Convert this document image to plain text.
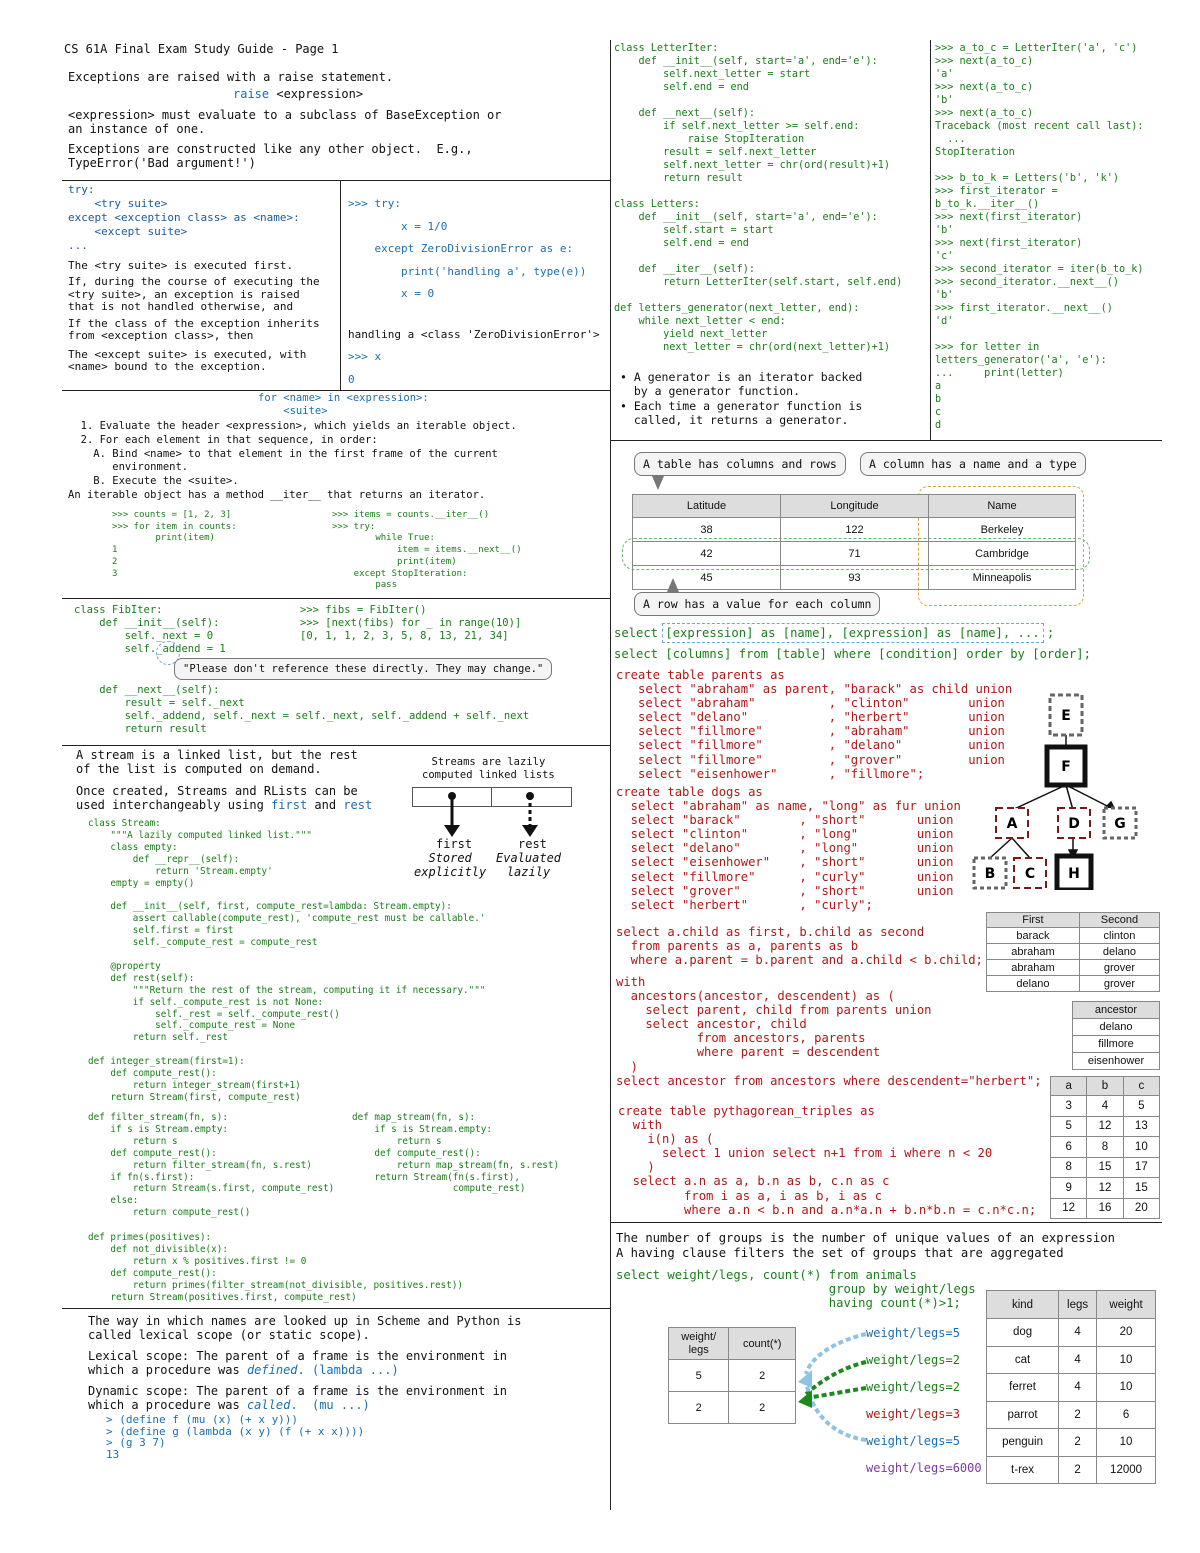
CS 61A Final Exam Study Guide - Page 1
Exceptions are raised with a raise statement.
raise <expression>
<expression> must evaluate to a subclass of BaseException or
an instance of one.
Exceptions are constructed like any other object.  E.g.,
TypeError('Bad argument!')
try:
<try suite>
except <exception class> as <name>:
<except suite>
...
The <try suite> is executed first.
If, during the course of executing the
<try suite>, an exception is raised
that is not handled otherwise, and
If the class of the exception inherits
from <exception class>, then
The <except suite> is executed, with
<name> bound to the exception.
>>> try:
x = 1/0
except ZeroDivisionError as e:
print('handling a', type(e))
x = 0
handling a <class 'ZeroDivisionError'>
>>> x
0
for <name> in <expression>:
<suite>
1. Evaluate the header <expression>, which yields an iterable object.
2. For each element in that sequence, in order:
A. Bind <name> to that element in the first frame of the current
environment.
B. Execute the <suite>.
An iterable object has a method __iter__ that returns an iterator.
>>> counts = [1, 2, 3]
>>> for item in counts:
print(item)
1
2
3
>>> items = counts.__iter__()
>>> try:
while True:
item = items.__next__()
print(item)
except StopIteration:
pass
class FibIter:
def __init__(self):
self._next = 0
self._addend = 1
def __next__(self):
result = self._next
self._addend, self._next = self._next, self._addend + self._next
return result
>>> fibs = FibIter()
>>> [next(fibs) for _ in range(10)]
[0, 1, 1, 2, 3, 5, 8, 13, 21, 34]
"Please don't reference these directly. They may change."
A stream is a linked list, but the rest
of the list is computed on demand.
Once created, Streams and RLists can be
used interchangeably using first and rest
Streams are lazily
computed linked lists
first
Stored
explicitly
rest
Evaluated
lazily
class Stream:
"""A lazily computed linked list."""
class empty:
def __repr__(self):
return 'Stream.empty'
empty = empty()

def __init__(self, first, compute_rest=lambda: Stream.empty):
assert callable(compute_rest), 'compute_rest must be callable.'
self.first = first
self._compute_rest = compute_rest

@property
def rest(self):
"""Return the rest of the stream, computing it if necessary."""
if self._compute_rest is not None:
self._rest = self._compute_rest()
self._compute_rest = None
return self._rest

def integer_stream(first=1):
def compute_rest():
return integer_stream(first+1)
return Stream(first, compute_rest)
def filter_stream(fn, s):
if s is Stream.empty:
return s
def compute_rest():
return filter_stream(fn, s.rest)
if fn(s.first):
return Stream(s.first, compute_rest)
else:
return compute_rest()
def map_stream(fn, s):
if s is Stream.empty:
return s
def compute_rest():
return map_stream(fn, s.rest)
return Stream(fn(s.first),
compute_rest)
def primes(positives):
def not_divisible(x):
return x % positives.first != 0
def compute_rest():
return primes(filter_stream(not_divisible, positives.rest))
return Stream(positives.first, compute_rest)
The way in which names are looked up in Scheme and Python is
called lexical scope (or static scope).
Lexical scope: The parent of a frame is the environment in
which a procedure was defined. (lambda ...)
Dynamic scope: The parent of a frame is the environment in
which a procedure was called.  (mu ...)
> (define f (mu (x) (+ x y)))
> (define g (lambda (x y) (f (+ x x))))
> (g 3 7)
13
class LetterIter:
def __init__(self, start='a', end='e'):
self.next_letter = start
self.end = end

def __next__(self):
if self.next_letter >= self.end:
raise StopIteration
result = self.next_letter
self.next_letter = chr(ord(result)+1)
return result

class Letters:
def __init__(self, start='a', end='e'):
self.start = start
self.end = end

def __iter__(self):
return LetterIter(self.start, self.end)

def letters_generator(next_letter, end):
while next_letter < end:
yield next_letter
next_letter = chr(ord(next_letter)+1)
• A generator is an iterator backed
by a generator function.
• Each time a generator function is
called, it returns a generator.
>>> a_to_c = LetterIter('a', 'c')
>>> next(a_to_c)
'a'
>>> next(a_to_c)
'b'
>>> next(a_to_c)
Traceback (most recent call last):
...
StopIteration

>>> b_to_k = Letters('b', 'k')
>>> first_iterator =
b_to_k.__iter__()
>>> next(first_iterator)
'b'
>>> next(first_iterator)
'c'
>>> second_iterator = iter(b_to_k)
>>> second_iterator.__next__()
'b'
>>> first_iterator.__next__()
'd'

>>> for letter in
letters_generator('a', 'e'):
...     print(letter)
a
b
c
d
A table has columns and rows	A column has a name and a type
Latitude	Longitude	Name
38	122	Berkeley
42	71	Cambridge
45	93	Minneapolis
A row has a value for each column
select [expression] as [name], [expression] as [name], ... ;
select [columns] from [table] where [condition] order by [order];
create table parents as
select "abraham" as parent, "barack" as child union
select "abraham"          , "clinton"        union
select "delano"           , "herbert"        union
select "fillmore"         , "abraham"        union
select "fillmore"         , "delano"         union
select "fillmore"         , "grover"         union
select "eisenhower"       , "fillmore";
create table dogs as
select "abraham" as name, "long" as fur union
select "barack"        , "short"       union
select "clinton"       , "long"        union
select "delano"        , "long"        union
select "eisenhower"    , "short"       union
select "fillmore"      , "curly"       union
select "grover"        , "short"       union
select "herbert"       , "curly";
select a.child as first, b.child as second
from parents as a, parents as b
where a.parent = b.parent and a.child < b.child;
with
ancestors(ancestor, descendent) as (
select parent, child from parents union
select ancestor, child
from ancestors, parents
where parent = descendent
)
select ancestor from ancestors where descendent="herbert";
create table pythagorean_triples as
with
i(n) as (
select 1 union select n+1 from i where n < 20
)
select a.n as a, b.n as b, c.n as c
from i as a, i as b, i as c
where a.n < b.n and a.n*a.n + b.n*b.n = c.n*c.n;
E
F
A	D G
B C H
First	Second
barack	clinton
abraham	delano
abraham	grover
delano	grover
ancestor
delano
fillmore
eisenhower
a	b	c
3	4	5
5	12	13
6	8	10
8	15	17
9	12	15
12	16	20
The number of groups is the number of unique values of an expression
A having clause filters the set of groups that are aggregated
select weight/legs, count(*) from animals
group by weight/legs
having count(*)>1;
weight/
legs	count(*)
5	2
2	2
weight/legs=5
weight/legs=2
weight/legs=2
weight/legs=3
weight/legs=5
weight/legs=6000
kind	legs	weight
dog	4	20
cat	4	10
ferret	4	10
parrot	2	6
penguin	2	10
t-rex	2	12000
